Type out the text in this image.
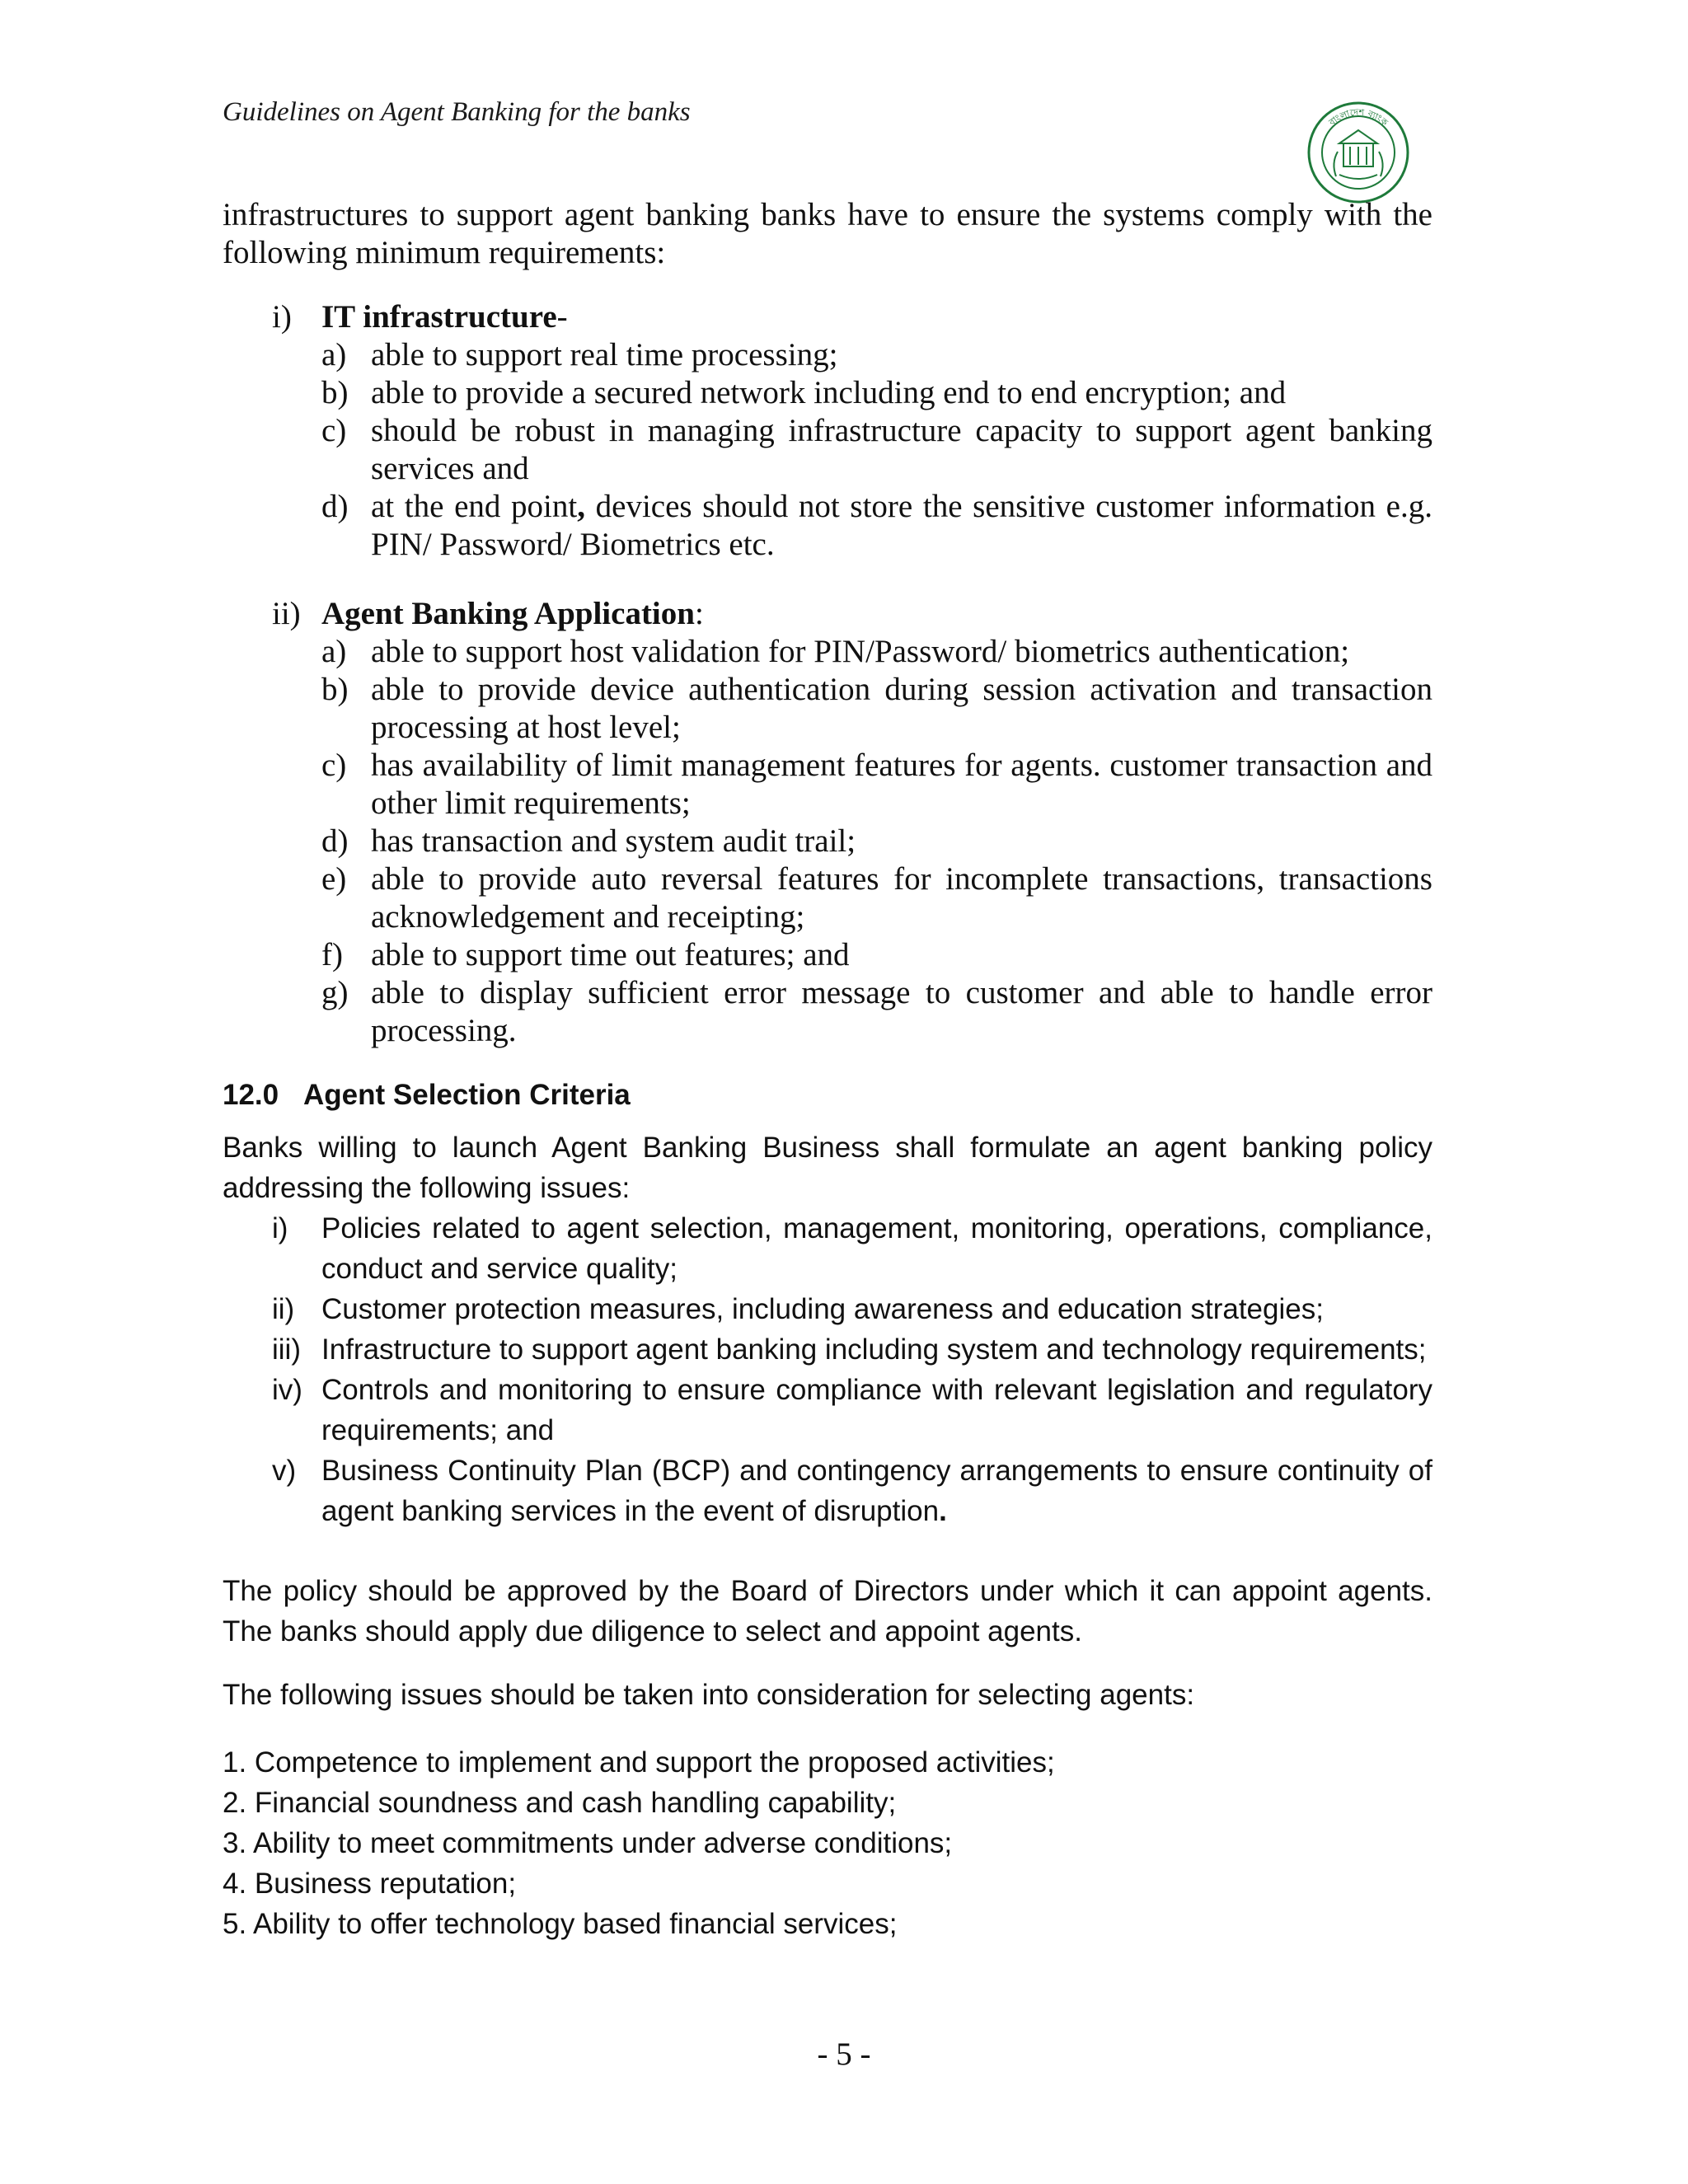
Guidelines on Agent Banking for the banks	বাংলাদেশ ব্যাংক
infrastructures to support agent banking banks have to ensure the systems comply with the following minimum requirements:
i) IT infrastructure-
a) able to support real time processing;
b) able to provide a secured network including end to end encryption; and
c) should be robust in managing infrastructure capacity to support agent banking services and
d) at the end point, devices should not store the sensitive customer information e.g. PIN/ Password/ Biometrics etc.
ii) Agent Banking Application:
a) able to support host validation for PIN/Password/ biometrics authentication;
b) able to provide device authentication during session activation and transaction processing at host level;
c) has availability of limit management features for agents. customer transaction and other limit requirements;
d) has transaction and system audit trail;
e) able to provide auto reversal features for incomplete transactions, transactions acknowledgement and receipting;
f) able to support time out features; and
g) able to display sufficient error message to customer and able to handle error processing.
12.0 Agent Selection Criteria
Banks willing to launch Agent Banking Business shall formulate an agent banking policy addressing the following issues:
i)	Policies related to agent selection, management, monitoring, operations, compliance, conduct and service quality;
ii) Customer protection measures, including awareness and education strategies;
iii) Infrastructure to support agent banking including system and technology requirements;
iv) Controls and monitoring to ensure compliance with relevant legislation and regulatory requirements; and
v) Business Continuity Plan (BCP) and contingency arrangements to ensure continuity of agent banking services in the event of disruption.
The policy should be approved by the Board of Directors under which it can appoint agents. The banks should apply due diligence to select and appoint agents.
The following issues should be taken into consideration for selecting agents:
1. Competence to implement and support the proposed activities;
2. Financial soundness and cash handling capability;
3. Ability to meet commitments under adverse conditions;
4. Business reputation;
5. Ability to offer technology based financial services;
- 5 -
